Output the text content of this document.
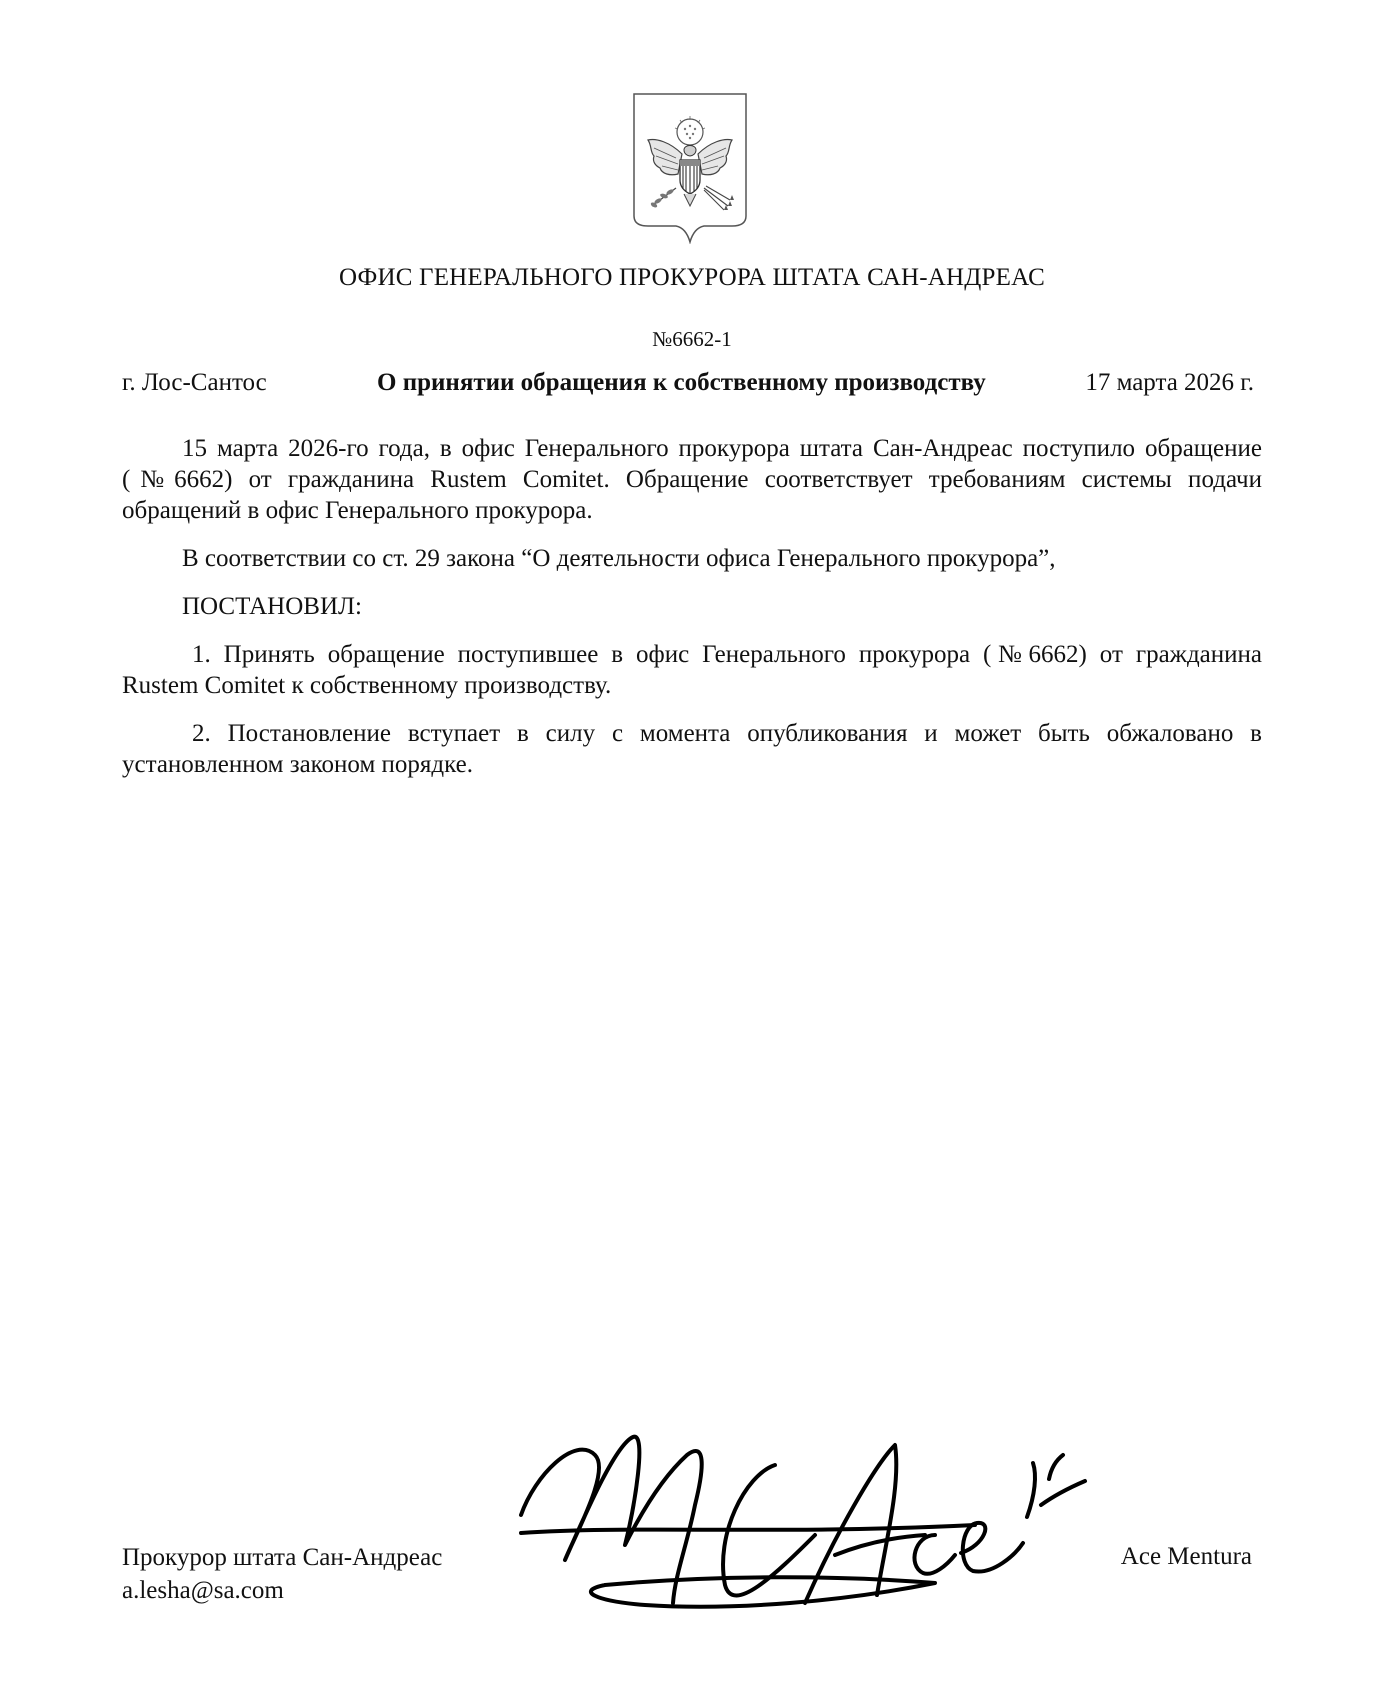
ОФИС ГЕНЕРАЛЬНОГО ПРОКУРОРА ШТАТА САН-АНДРЕАС
№6662-1
г. Лос-Сантос	О принятии обращения к собственному производству	17 марта 2026 г.

15 марта 2026-го года, в офис Генерального прокурора штата Сан-Андреас поступило обращение (№6662) от гражданина Rustem Comitet. Обращение соответствует требованиям системы подачи обращений в офис Генерального прокурора.

В соответствии со ст. 29 закона “О деятельности офиса Генерального прокурора”,

ПОСТАНОВИЛ:

1. Принять обращение поступившее в офис Генерального прокурора (№6662) от гражданина Rustem Comitet к собственному производству.

2. Постановление вступает в силу с момента опубликования и может быть обжаловано в установленном законом порядке.

Прокурор штата Сан-Андреас
a.lesha@sa.com
Ace Mentura
